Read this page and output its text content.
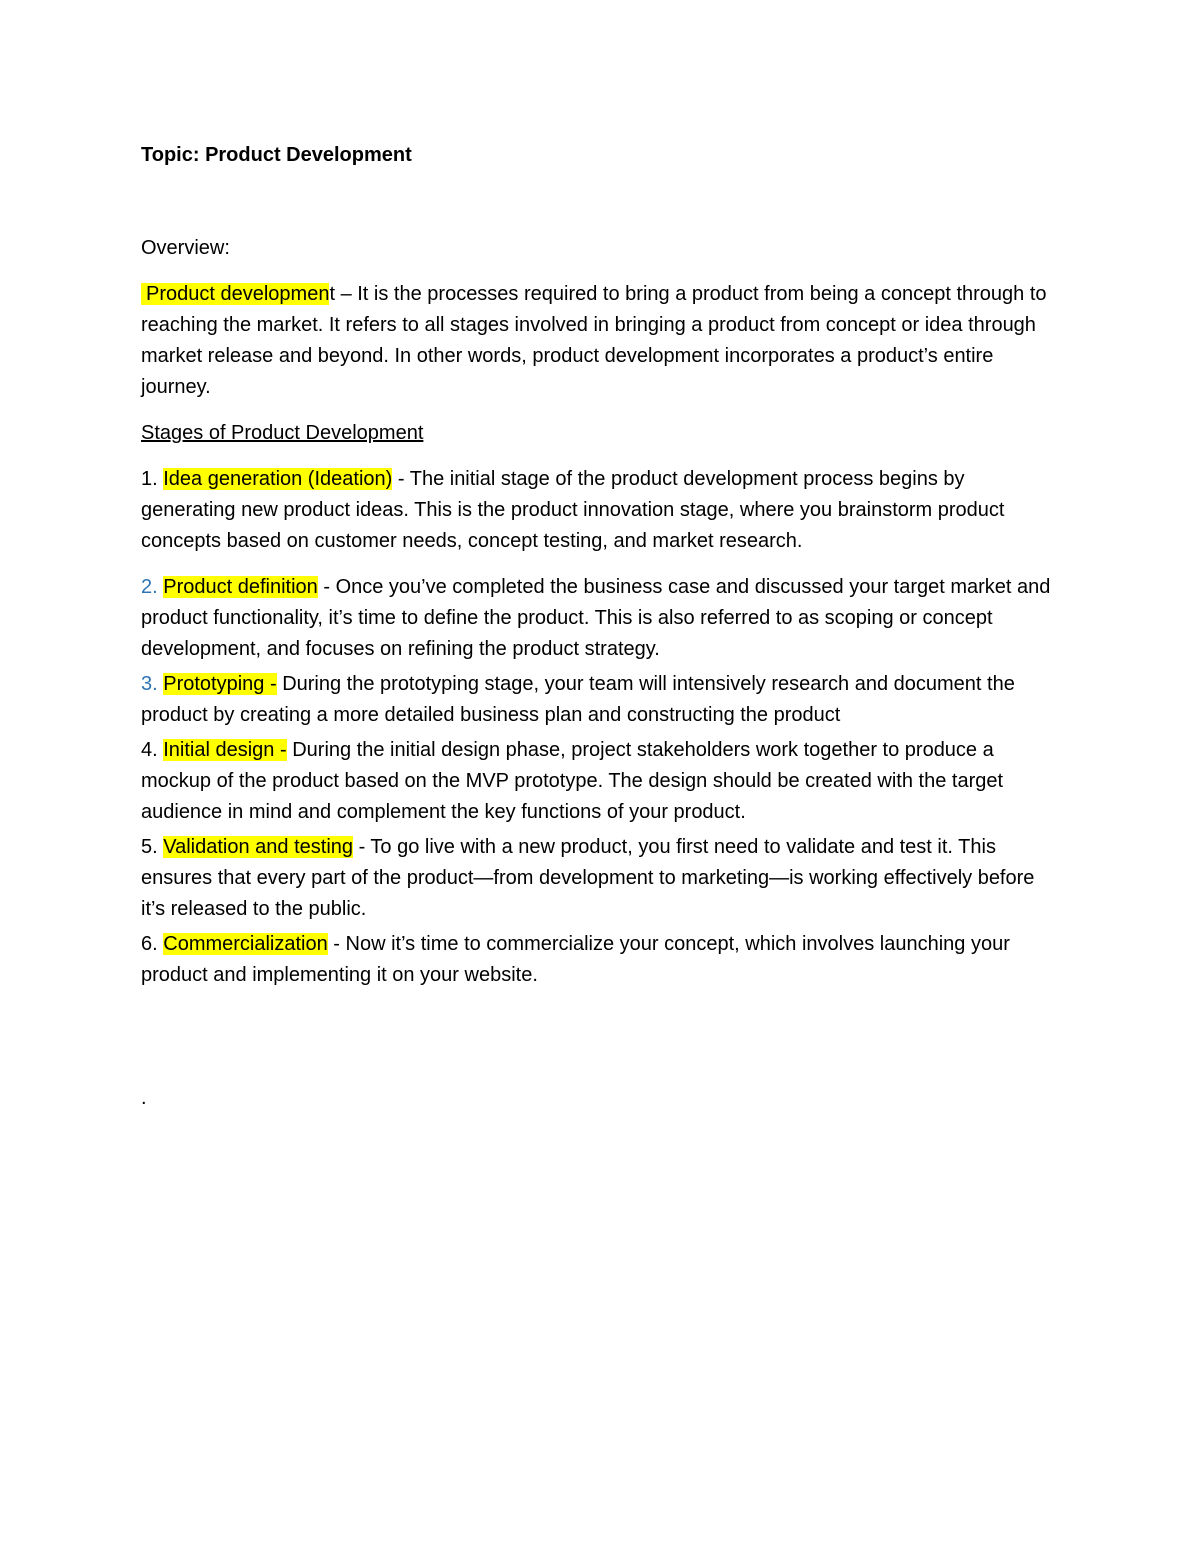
Topic: Product Development

Overview:

Product development – It is the processes required to bring a product from being a concept through to reaching the market. It refers to all stages involved in bringing a product from concept or idea through market release and beyond. In other words, product development incorporates a product’s entire journey.

Stages of Product Development

1. Idea generation (Ideation) - The initial stage of the product development process begins by generating new product ideas. This is the product innovation stage, where you brainstorm product concepts based on customer needs, concept testing, and market research.

2. Product definition - Once you’ve completed the business case and discussed your target market and product functionality, it’s time to define the product. This is also referred to as scoping or concept development, and focuses on refining the product strategy.

3. Prototyping - During the prototyping stage, your team will intensively research and document the product by creating a more detailed business plan and constructing the product

4. Initial design - During the initial design phase, project stakeholders work together to produce a mockup of the product based on the MVP prototype. The design should be created with the target audience in mind and complement the key functions of your product.

5. Validation and testing - To go live with a new product, you first need to validate and test it. This ensures that every part of the product—from development to marketing—is working effectively before it’s released to the public.

6. Commercialization - Now it’s time to commercialize your concept, which involves launching your product and implementing it on your website.

.
